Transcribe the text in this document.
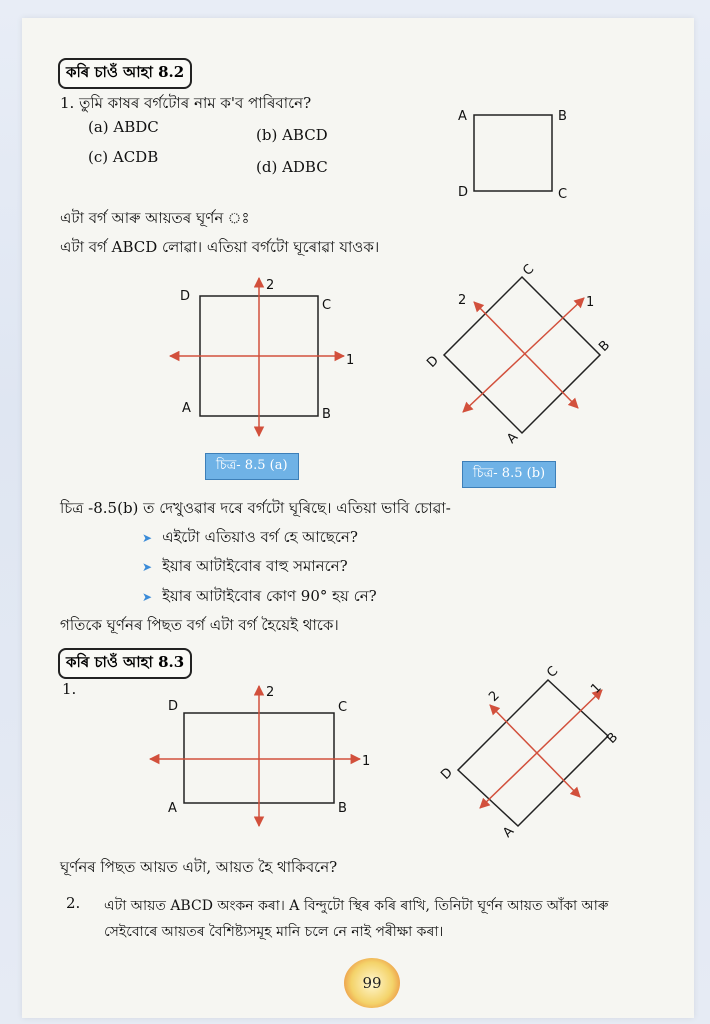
কৰি চাওঁ আহা 8.2
1. তুমি কাষৰ বৰ্গটোৰ নাম ক'ব পাৰিবানে?
(a) ABDC	(b) ABCD
(c) ACDB
(d) ADBC
এটা বৰ্গ আৰু আয়তৰ ঘূৰ্ণন ঃ
এটা বৰ্গ ABCD লোৱা। এতিয়া বৰ্গটো ঘূৰোৱা যাওক।
A	B
C
D
D
C
A	B
2
1
C
B
A
D
2	1
D	C
A	B
2
1
C
B
A
D
2	1
চিত্ৰ- 8.5 (a)
চিত্ৰ- 8.5 (b)
চিত্ৰ -8.5(b) ত দেখুওৱাৰ দৰে বৰ্গটো ঘূৰিছে। এতিয়া ভাবি চোৱা-
➤ এইটো এতিয়াও বৰ্গ হে আছেনে?
➤ ইয়াৰ আটাইবোৰ বাহু সমাননে?
➤ ইয়াৰ আটাইবোৰ কোণ 90° হয় নে?
গতিকে ঘূৰ্ণনৰ পিছত বৰ্গ এটা বৰ্গ হৈয়েই থাকে।
কৰি চাওঁ আহা 8.3
1.
ঘূৰ্ণনৰ পিছত আয়ত এটা, আয়ত হৈ থাকিবনে?
2. এটা আয়ত ABCD অংকন কৰা। A বিন্দুটো স্থিৰ কৰি ৰাখি, তিনিটা ঘূৰ্ণন আয়ত আঁকা আৰু
সেইবোৰে আয়তৰ বৈশিষ্ট্যসমূহ মানি চলে নে নাই পৰীক্ষা কৰা।
99
